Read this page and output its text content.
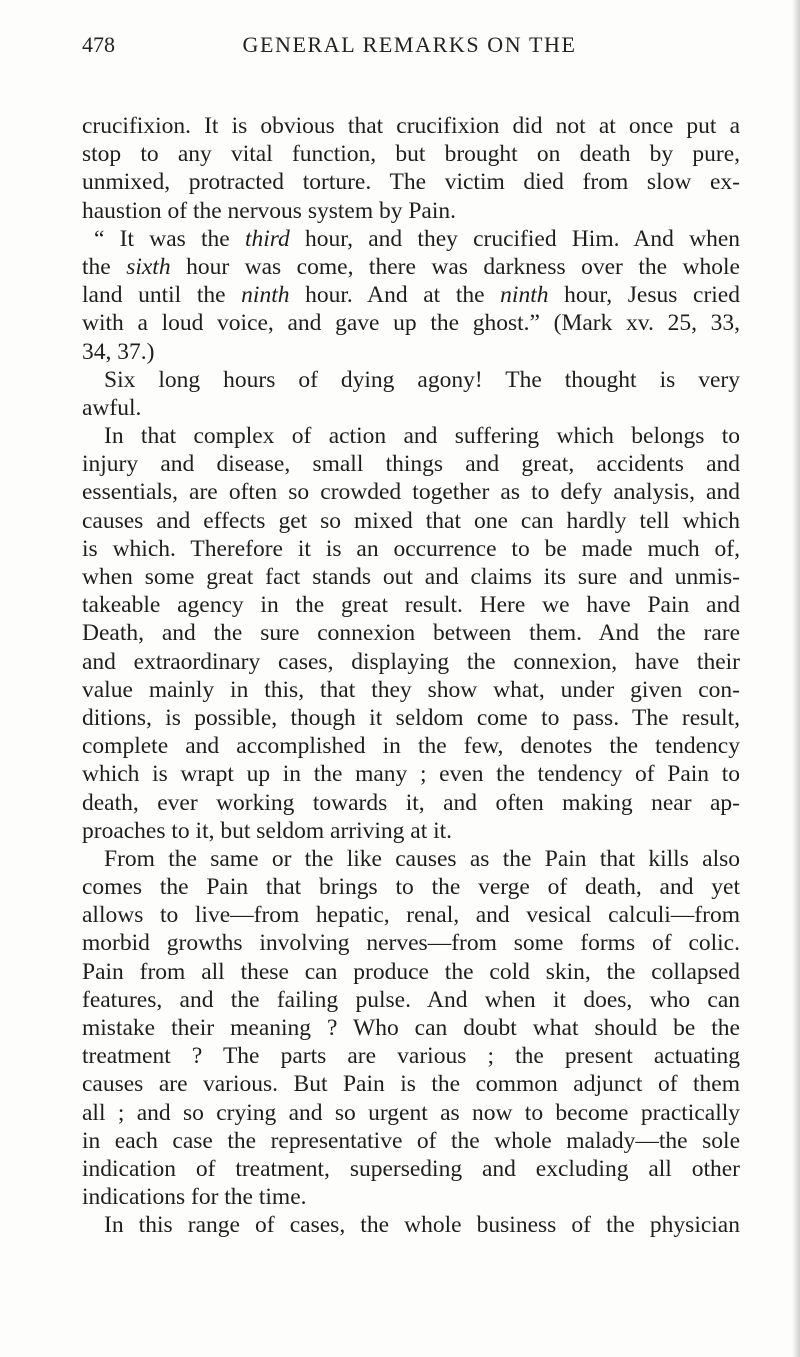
478	GENERAL REMARKS ON THE
crucifixion. It is obvious that crucifixion did not at once put a
stop to any vital function, but brought on death by pure,
unmixed, protracted torture. The victim died from slow ex-
haustion of the nervous system by Pain.
“ It was the third hour, and they crucified Him. And when
the sixth hour was come, there was darkness over the whole
land until the ninth hour. And at the ninth hour, Jesus cried
with a loud voice, and gave up the ghost.” (Mark xv. 25, 33,
34, 37.)
Six long hours of dying agony! The thought is very
awful.
In that complex of action and suffering which belongs to
injury and disease, small things and great, accidents and
essentials, are often so crowded together as to defy analysis, and
causes and effects get so mixed that one can hardly tell which
is which. Therefore it is an occurrence to be made much of,
when some great fact stands out and claims its sure and unmis-
takeable agency in the great result. Here we have Pain and
Death, and the sure connexion between them. And the rare
and extraordinary cases, displaying the connexion, have their
value mainly in this, that they show what, under given con-
ditions, is possible, though it seldom come to pass. The result,
complete and accomplished in the few, denotes the tendency
which is wrapt up in the many ; even the tendency of Pain to
death, ever working towards it, and often making near ap-
proaches to it, but seldom arriving at it.
From the same or the like causes as the Pain that kills also
comes the Pain that brings to the verge of death, and yet
allows to live—from hepatic, renal, and vesical calculi—from
morbid growths involving nerves—from some forms of colic.
Pain from all these can produce the cold skin, the collapsed
features, and the failing pulse. And when it does, who can
mistake their meaning ? Who can doubt what should be the
treatment ? The parts are various ; the present actuating
causes are various. But Pain is the common adjunct of them
all ; and so crying and so urgent as now to become practically
in each case the representative of the whole malady—the sole
indication of treatment, superseding and excluding all other
indications for the time.
In this range of cases, the whole business of the physician
